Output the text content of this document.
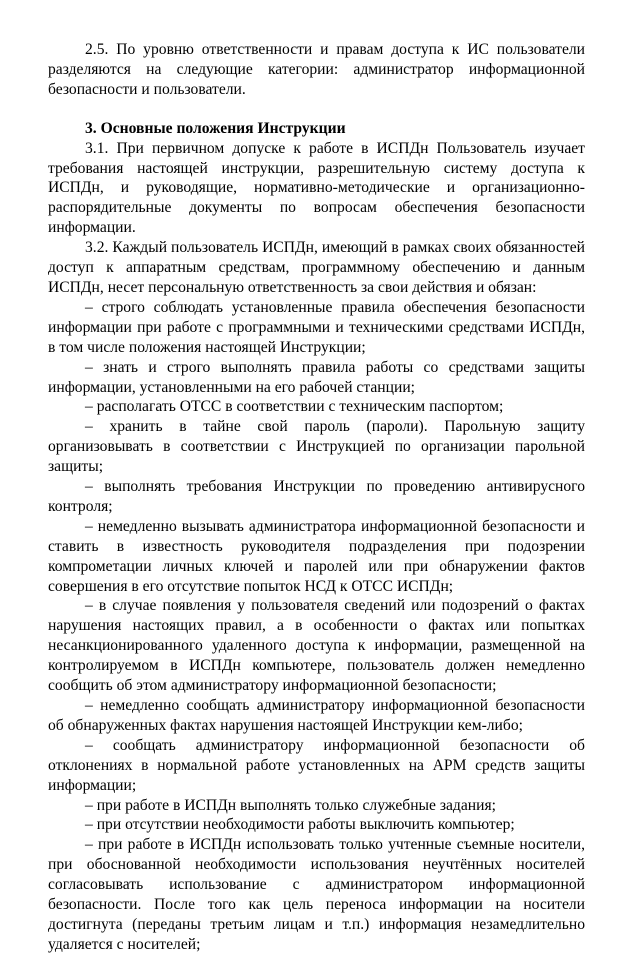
2.5. По уровню ответственности и правам доступа к ИС пользователи разделяются на следующие категории: администратор информационной безопасности и пользователи.

3. Основные положения Инструкции

3.1. При первичном допуске к работе в ИСПДн Пользователь изучает требования настоящей инструкции, разрешительную систему доступа к ИСПДн, и руководящие, нормативно-методические и организационно-распорядительные документы по вопросам обеспечения безопасности информации.

3.2. Каждый пользователь ИСПДн, имеющий в рамках своих обязанностей доступ к аппаратным средствам, программному обеспечению и данным ИСПДн, несет персональную ответственность за свои действия и обязан:

– строго соблюдать установленные правила обеспечения безопасности информации при работе с программными и техническими средствами ИСПДн, в том числе положения настоящей Инструкции;

– знать и строго выполнять правила работы со средствами защиты информации, установленными на его рабочей станции;

– располагать ОТСС в соответствии с техническим паспортом;

– хранить в тайне свой пароль (пароли). Парольную защиту организовывать в соответствии с Инструкцией по организации парольной защиты;

– выполнять требования Инструкции по проведению антивирусного контроля;

– немедленно вызывать администратора информационной безопасности и ставить в известность руководителя подразделения при подозрении компрометации личных ключей и паролей или при обнаружении фактов совершения в его отсутствие попыток НСД к ОТСС ИСПДн;

– в случае появления у пользователя сведений или подозрений о фактах нарушения настоящих правил, а в особенности о фактах или попытках несанкционированного удаленного доступа к информации, размещенной на контролируемом в ИСПДн компьютере, пользователь должен немедленно сообщить об этом администратору информационной безопасности;

– немедленно сообщать администратору информационной безопасности об обнаруженных фактах нарушения настоящей Инструкции кем-либо;

– сообщать администратору информационной безопасности об отклонениях в нормальной работе установленных на АРМ средств защиты информации;

– при работе в ИСПДн выполнять только служебные задания;

– при отсутствии необходимости работы выключить компьютер;

– при работе в ИСПДн использовать только учтенные съемные носители, при обоснованной необходимости использования неучтённых носителей согласовывать использование с администратором информационной безопасности. После того как цель переноса информации на носители достигнута (переданы третьим лицам и т.п.) информация незамедлительно удаляется с носителей;
